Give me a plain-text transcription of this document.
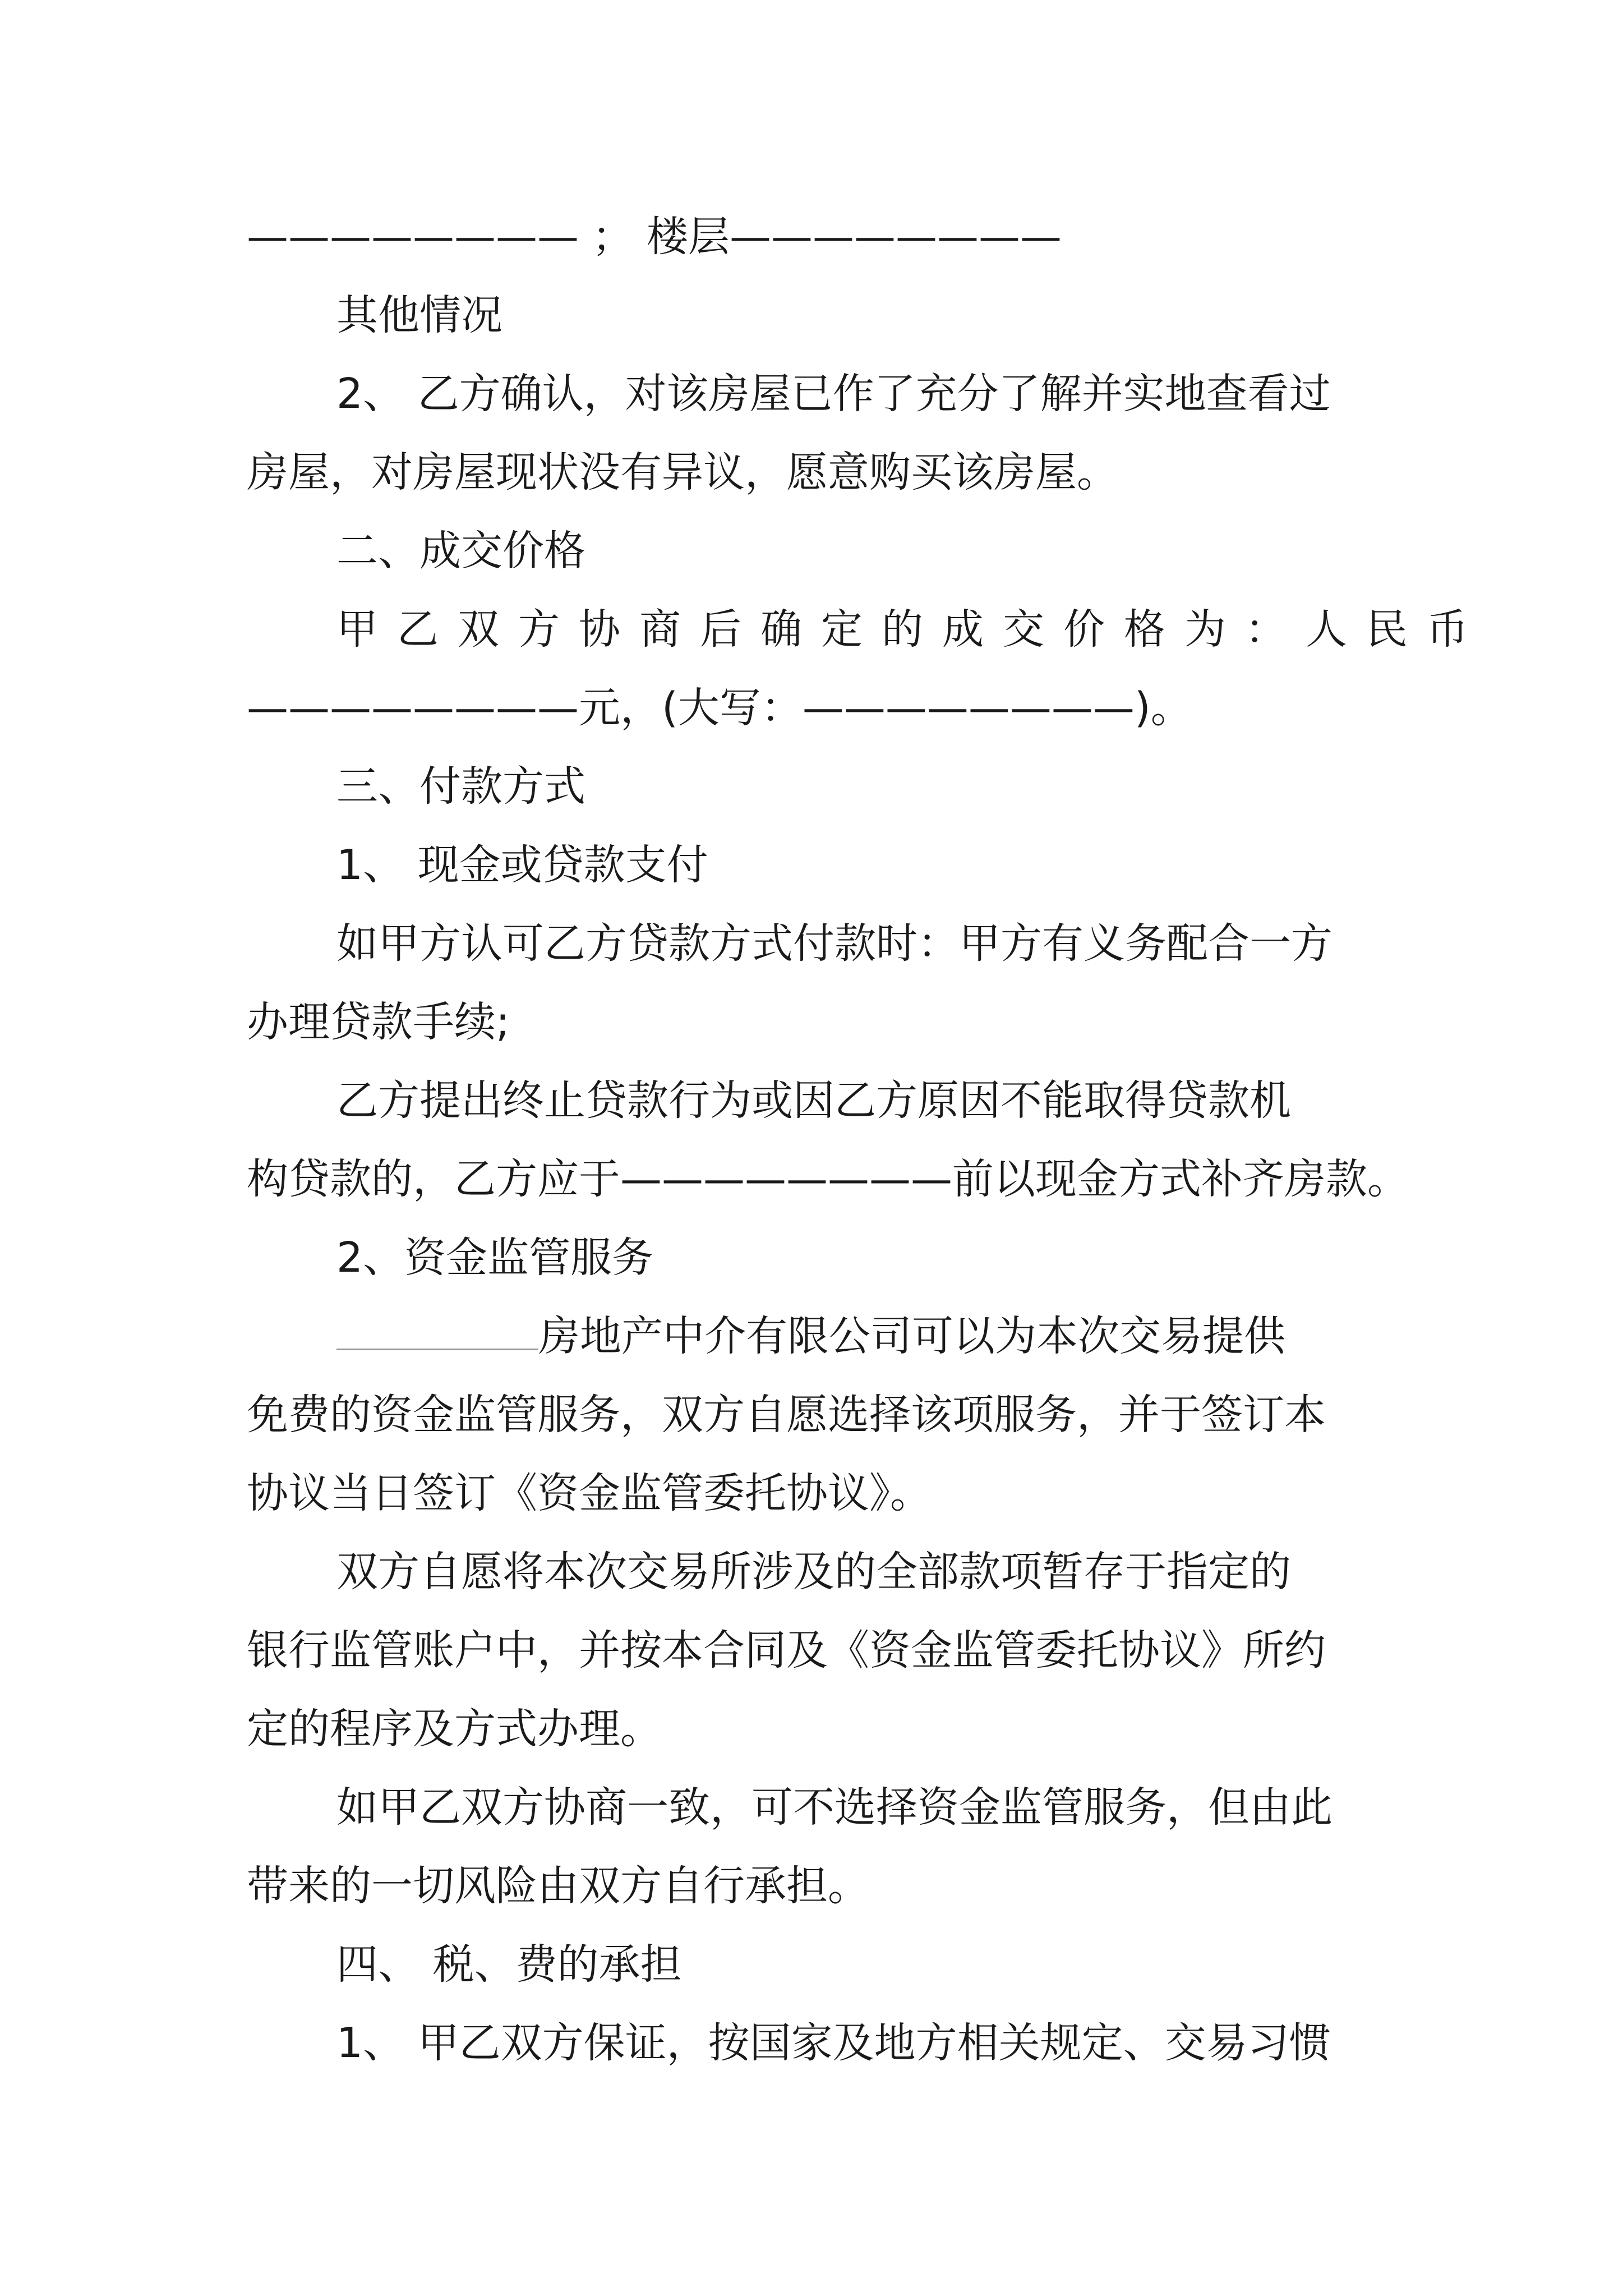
———————— ； 楼层————————
其他情况
2、 乙方确认，对该房屋已作了充分了解并实地查看过
房屋，对房屋现状没有异议，愿意购买该房屋。
二、成交价格
甲乙双方协商后确定的成交价格为：人民币
————————元，(大写：————————)。
三、付款方式
1、 现金或贷款支付
如甲方认可乙方贷款方式付款时：甲方有义务配合一方
办理贷款手续;
乙方提出终止贷款行为或因乙方原因不能取得贷款机
构贷款的，乙方应于————————前以现金方式补齐房款。
2、资金监管服务
房地产中介有限公司可以为本次交易提供
免费的资金监管服务，双方自愿选择该项服务，并于签订本
协议当日签订《资金监管委托协议》。
双方自愿将本次交易所涉及的全部款项暂存于指定的
银行监管账户中，并按本合同及《资金监管委托协议》所约
定的程序及方式办理。
如甲乙双方协商一致，可不选择资金监管服务，但由此
带来的一切风险由双方自行承担。
四、 税、费的承担
1、 甲乙双方保证，按国家及地方相关规定、交易习惯
